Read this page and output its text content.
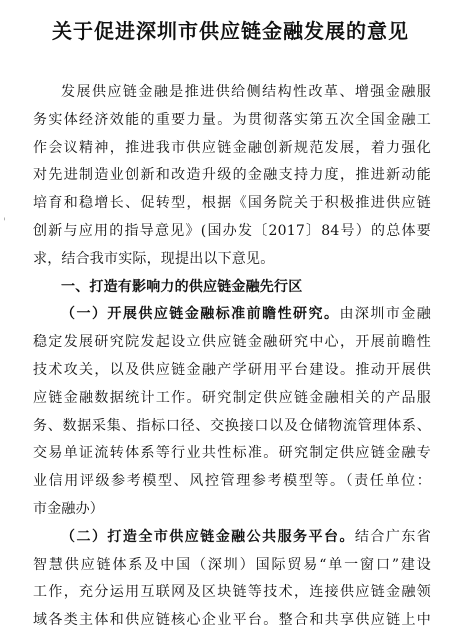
关于促进深圳市供应链金融发展的意见
'
发展供应链金融是推进供给侧结构性改革、增强金融服
务实体经济效能的重要力量。为贯彻落实第五次全国金融工
作会议精神，推进我市供应链金融创新规范发展，着力强化
对先进制造业创新和改造升级的金融支持力度，推进新动能
培育和稳增长、促转型，根据《国务院关于积极推进供应链
创新与应用的指导意见》(国办发〔2017〕84号）的总体要
求，结合我市实际，现提出以下意见。
一、打造有影响力的供应链金融先行区
（一）开展供应链金融标准前瞻性研究。由深圳市金融
稳定发展研究院发起设立供应链金融研究中心，开展前瞻性
技术攻关，以及供应链金融产学研用平台建设。推动开展供
应链金融数据统计工作。研究制定供应链金融相关的产品服
务、数据采集、指标口径、交换接口以及仓储物流管理体系、
交易单证流转体系等行业共性标准。研究制定供应链金融专
业信用评级参考模型、风控管理参考模型等。（责任单位：
市金融办）
（二）打造全市供应链金融公共服务平台。结合广东省
智慧供应链体系及中国（深圳）国际贸易“单一窗口”建设
工作，充分运用互联网及区块链等技术，连接供应链金融领
域各类主体和供应链核心企业平台。整合和共享供应链上中
